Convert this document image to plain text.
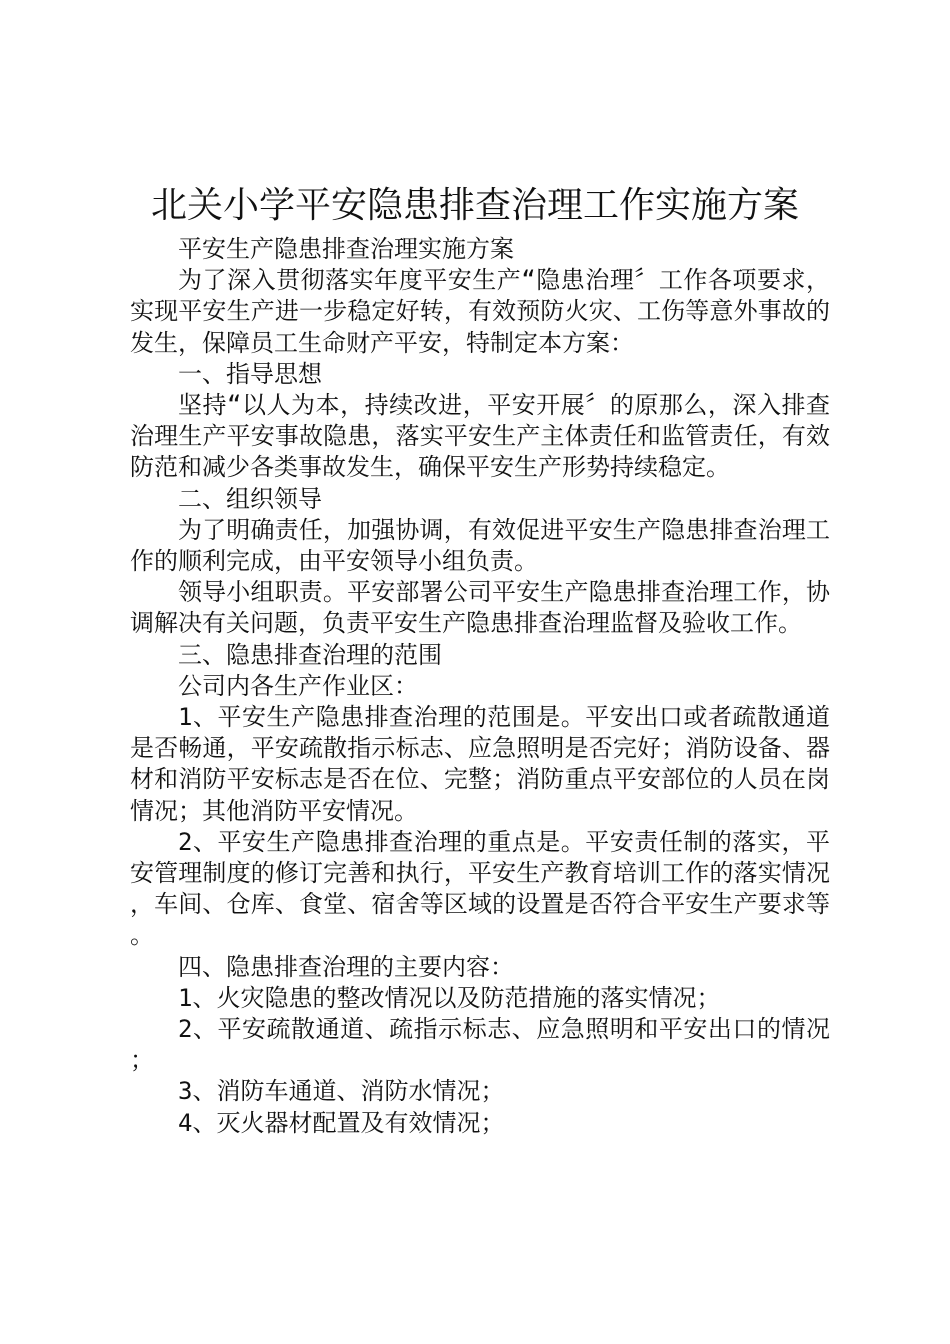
北关小学平安隐患排查治理工作实施方案

平安生产隐患排查治理实施方案

为了深入贯彻落实年度平安生产“隐患治理〞工作各项要求，实现平安生产进一步稳定好转，有效预防火灾、工伤等意外事故的发生，保障员工生命财产平安，特制定本方案：

一、指导思想

坚持“以人为本，持续改进，平安开展〞的原那么，深入排查治理生产平安事故隐患，落实平安生产主体责任和监管责任，有效防范和减少各类事故发生，确保平安生产形势持续稳定。

二、组织领导

为了明确责任，加强协调，有效促进平安生产隐患排查治理工作的顺利完成，由平安领导小组负责。

领导小组职责。平安部署公司平安生产隐患排查治理工作，协调解决有关问题，负责平安生产隐患排查治理监督及验收工作。

三、隐患排查治理的范围

公司内各生产作业区：

1、平安生产隐患排查治理的范围是。平安出口或者疏散通道是否畅通，平安疏散指示标志、应急照明是否完好；消防设备、器材和消防平安标志是否在位、完整；消防重点平安部位的人员在岗情况；其他消防平安情况。

2、平安生产隐患排查治理的重点是。平安责任制的落实，平安管理制度的修订完善和执行，平安生产教育培训工作的落实情况，车间、仓库、食堂、宿舍等区域的设置是否符合平安生产要求等。

四、隐患排查治理的主要内容：

1、火灾隐患的整改情况以及防范措施的落实情况；

2、平安疏散通道、疏指示标志、应急照明和平安出口的情况；

3、消防车通道、消防水情况；

4、灭火器材配置及有效情况；
